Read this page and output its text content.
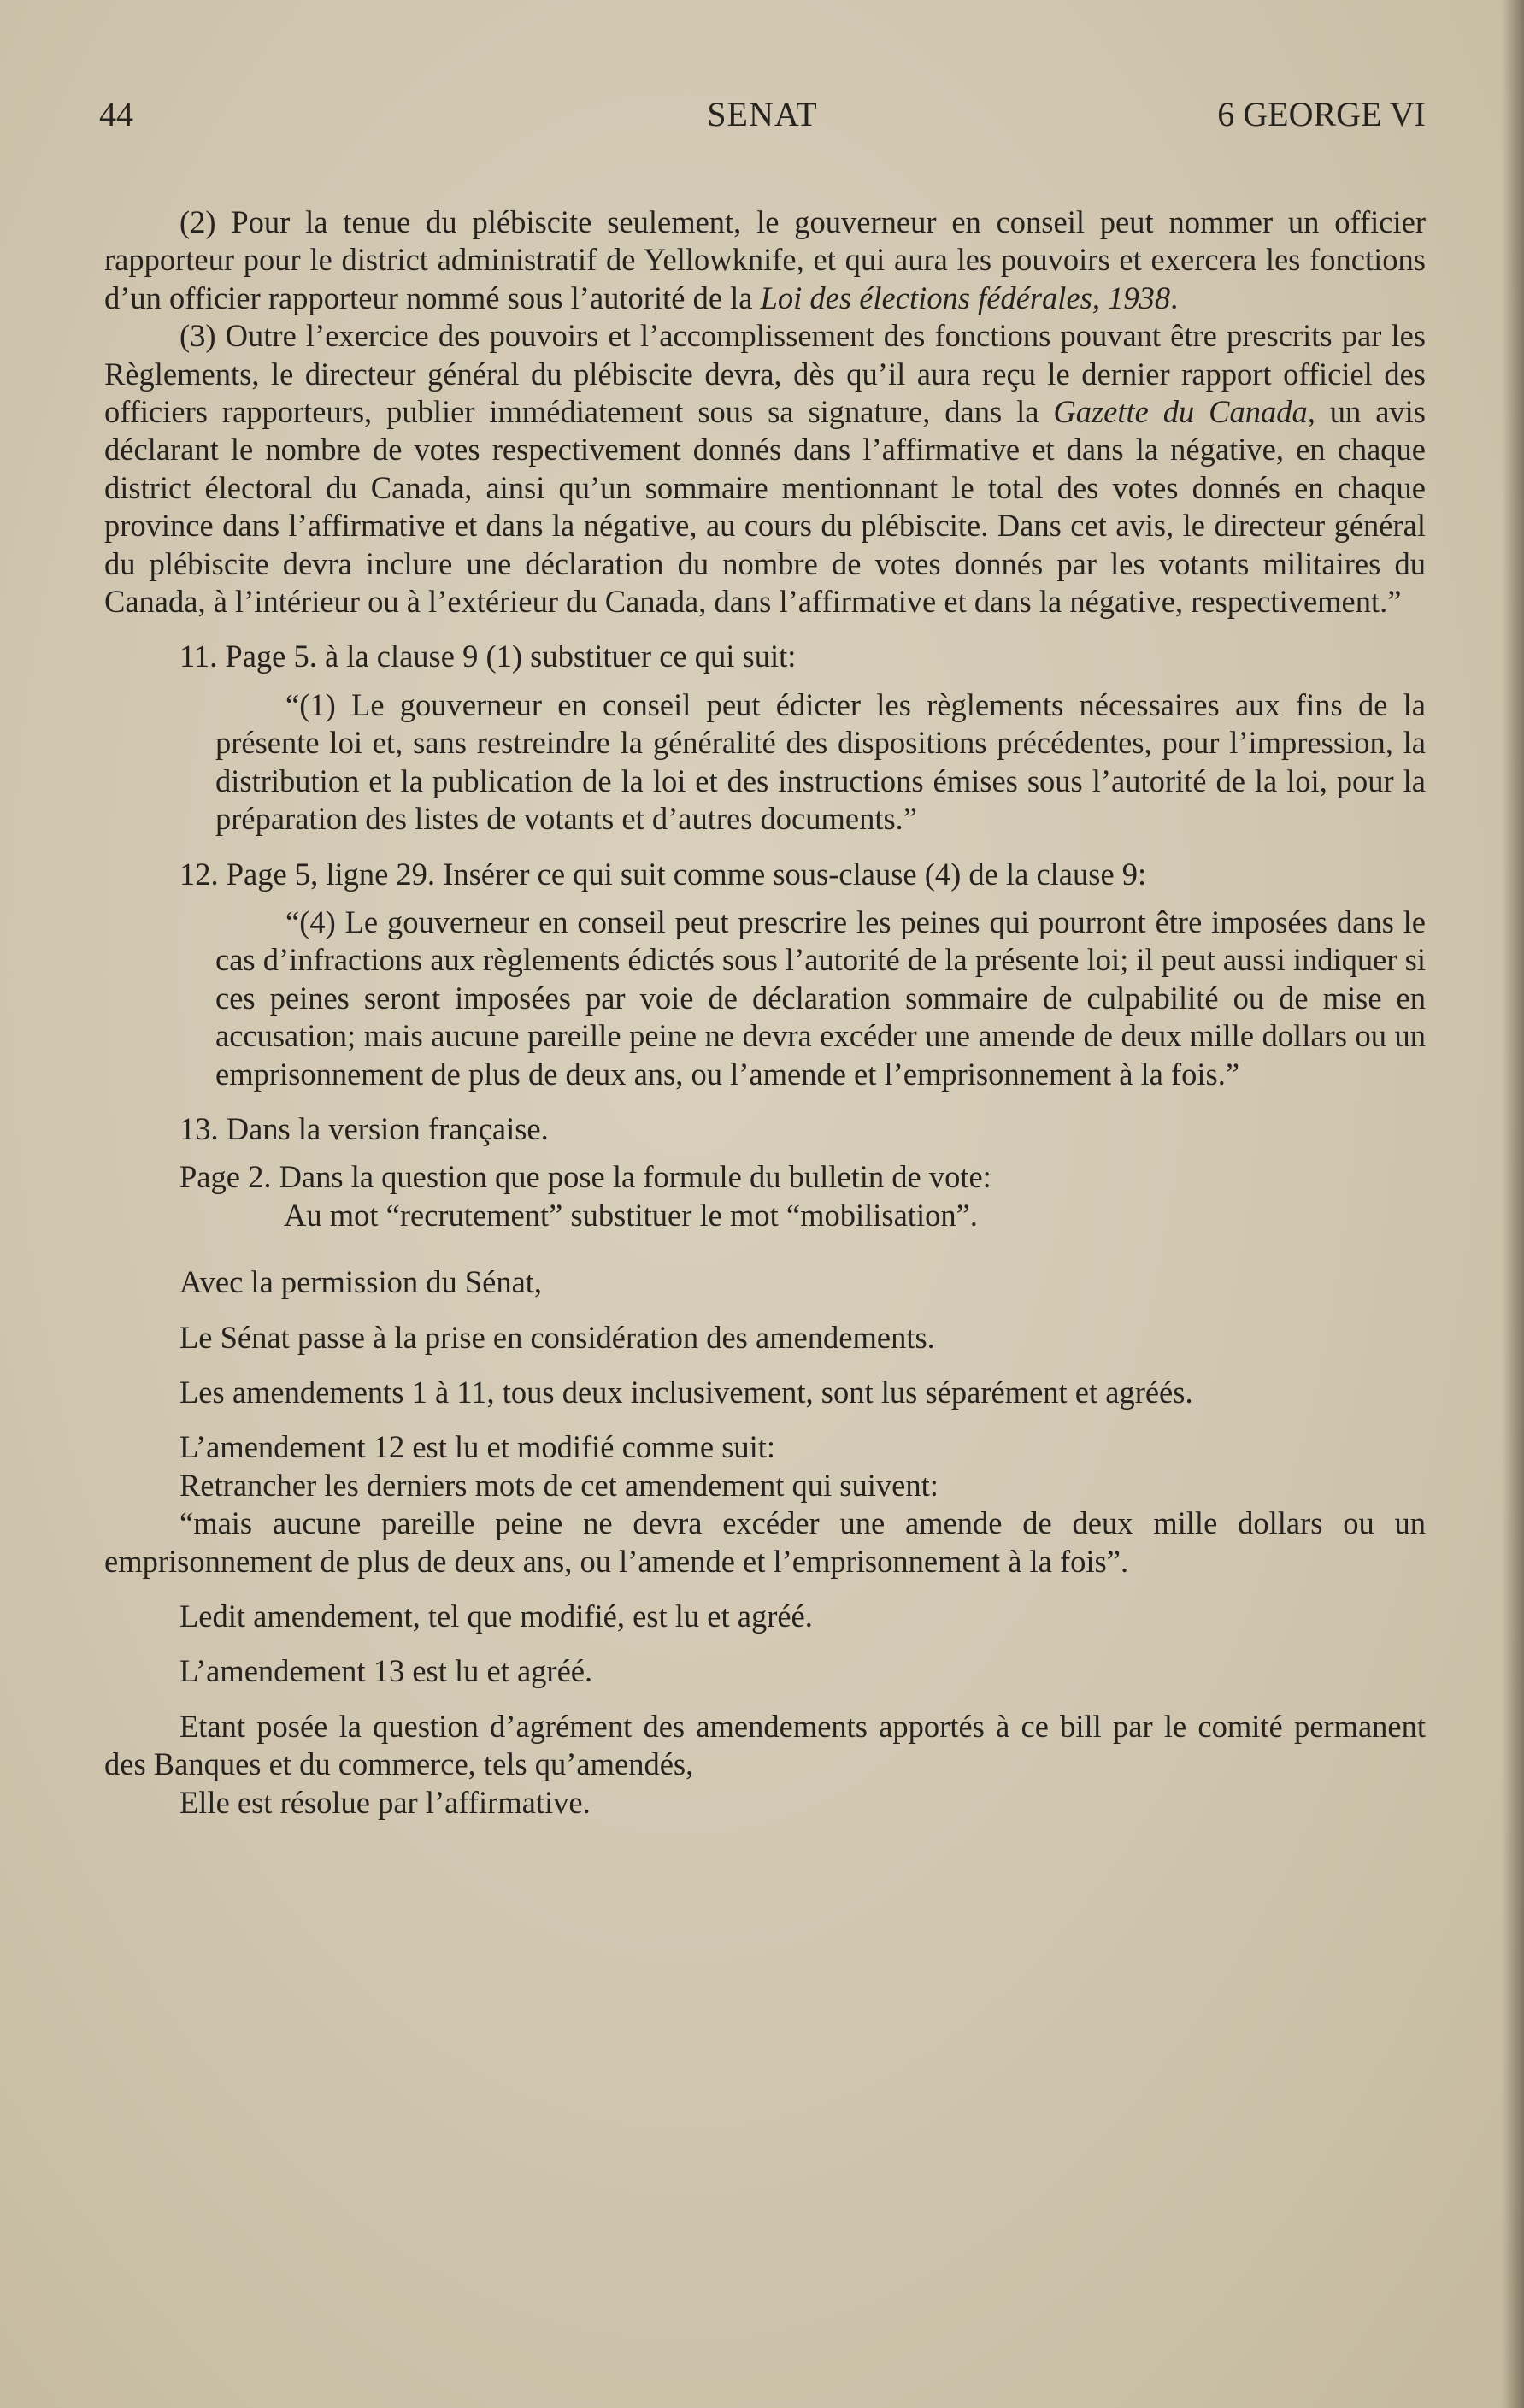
44	SENAT	6 GEORGE VI

(2) Pour la tenue du plébiscite seulement, le gouverneur en conseil peut nommer un officier rapporteur pour le district administratif de Yellowknife, et qui aura les pouvoirs et exercera les fonctions d’un officier rapporteur nommé sous l’autorité de la Loi des élections fédérales, 1938.

(3) Outre l’exercice des pouvoirs et l’accomplissement des fonctions pouvant être prescrits par les Règlements, le directeur général du plébiscite devra, dès qu’il aura reçu le dernier rapport officiel des officiers rapporteurs, publier immédiatement sous sa signature, dans la Gazette du Canada, un avis déclarant le nombre de votes respectivement donnés dans l’affirmative et dans la négative, en chaque district électoral du Canada, ainsi qu’un sommaire mentionnant le total des votes donnés en chaque province dans l’affirmative et dans la négative, au cours du plébiscite. Dans cet avis, le directeur général du plébiscite devra inclure une déclaration du nombre de votes donnés par les votants militaires du Canada, à l’intérieur ou à l’extérieur du Canada, dans l’affirmative et dans la négative, respectivement.”

11. Page 5. à la clause 9 (1) substituer ce qui suit:

“(1) Le gouverneur en conseil peut édicter les règlements nécessaires aux fins de la présente loi et, sans restreindre la généralité des dispositions précédentes, pour l’impression, la distribution et la publication de la loi et des instructions émises sous l’autorité de la loi, pour la préparation des listes de votants et d’autres documents.”

12. Page 5, ligne 29. Insérer ce qui suit comme sous-clause (4) de la clause 9:

“(4) Le gouverneur en conseil peut prescrire les peines qui pourront être imposées dans le cas d’infractions aux règlements édictés sous l’autorité de la présente loi; il peut aussi indiquer si ces peines seront imposées par voie de déclaration sommaire de culpabilité ou de mise en accusation; mais aucune pareille peine ne devra excéder une amende de deux mille dollars ou un emprisonnement de plus de deux ans, ou l’amende et l’emprisonnement à la fois.”

13. Dans la version française.

Page 2. Dans la question que pose la formule du bulletin de vote:

Au mot “recrutement” substituer le mot “mobilisation”.

Avec la permission du Sénat,

Le Sénat passe à la prise en considération des amendements.

Les amendements 1 à 11, tous deux inclusivement, sont lus séparément et agréés.

L’amendement 12 est lu et modifié comme suit:

Retrancher les derniers mots de cet amendement qui suivent:

“mais aucune pareille peine ne devra excéder une amende de deux mille dollars ou un emprisonnement de plus de deux ans, ou l’amende et l’emprisonnement à la fois”.

Ledit amendement, tel que modifié, est lu et agréé.

L’amendement 13 est lu et agréé.

Etant posée la question d’agrément des amendements apportés à ce bill par le comité permanent des Banques et du commerce, tels qu’amendés,

Elle est résolue par l’affirmative.
